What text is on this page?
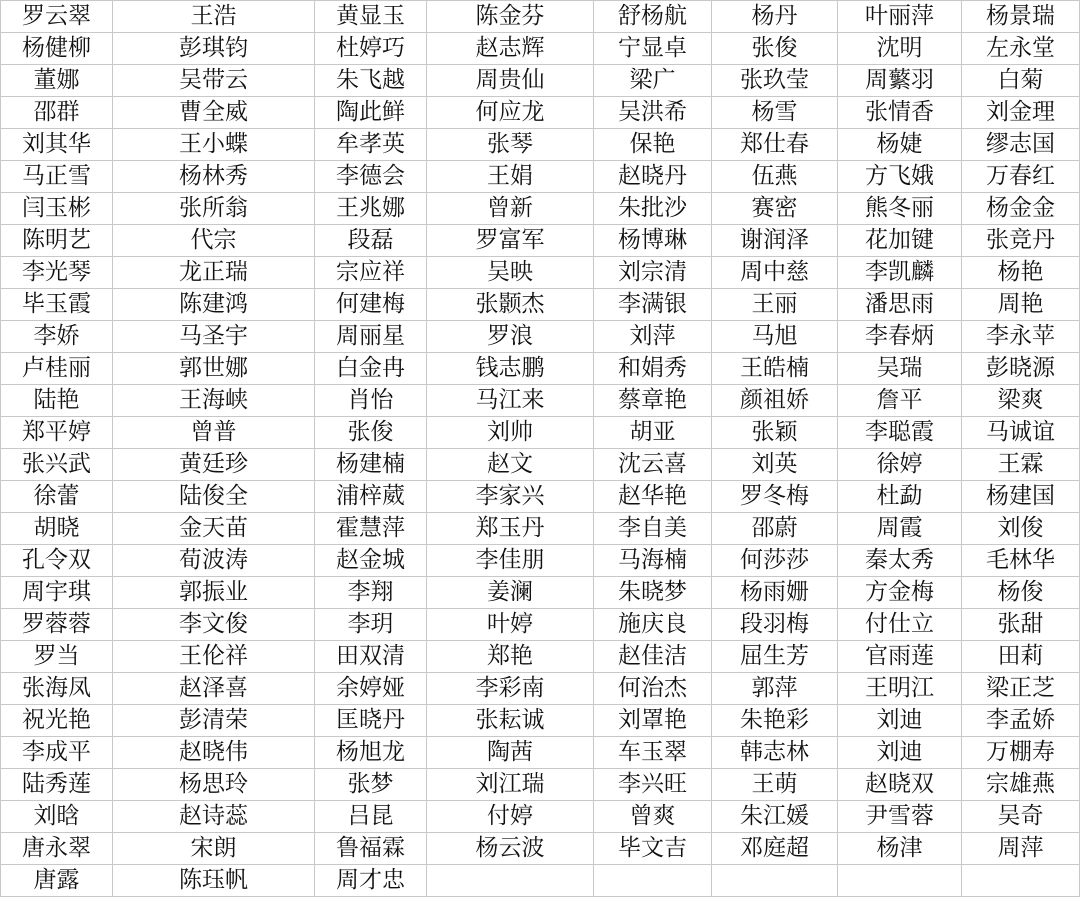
罗云翠	王浩	黄显玉	陈金芬	舒杨航	杨丹	叶丽萍	杨景瑞
杨健柳	彭琪钧	杜婷巧	赵志辉	宁显卓	张俊	沈明	左永堂
董娜	吴带云	朱飞越	周贵仙	梁广	张玖莹	周蘩羽	白菊
邵群	曹全威	陶此鲜	何应龙	吴洪希	杨雪	张情香	刘金理
刘其华	王小蝶	牟孝英	张琴	保艳	郑仕春	杨婕	缪志国
马正雪	杨林秀	李德会	王娟	赵晓丹	伍燕	方飞娥	万春红
闫玉彬	张所翁	王兆娜	曾新	朱批沙	赛密	熊冬丽	杨金金
陈明艺	代宗	段磊	罗富军	杨博琳	谢润泽	花加键	张竞丹
李光琴	龙正瑞	宗应祥	吴映	刘宗清	周中慈	李凯麟	杨艳
毕玉霞	陈建鸿	何建梅	张颢杰	李满银	王丽	潘思雨	周艳
李娇	马圣宇	周丽星	罗浪	刘萍	马旭	李春炳	李永苹
卢桂丽	郭世娜	白金冉	钱志鹏	和娟秀	王皓楠	吴瑞	彭晓源
陆艳	王海峡	肖怡	马江来	蔡章艳	颜祖娇	詹平	梁爽
郑平婷	曾普	张俊	刘帅	胡亚	张颖	李聪霞	马诚谊
张兴武	黄廷珍	杨建楠	赵文	沈云喜	刘英	徐婷	王霖
徐蕾	陆俊全	浦梓葳	李家兴	赵华艳	罗冬梅	杜勐	杨建国
胡晓	金天苗	霍慧萍	郑玉丹	李自美	邵蔚	周霞	刘俊
孔令双	荀波涛	赵金城	李佳朋	马海楠	何莎莎	秦太秀	毛林华
周宇琪	郭振业	李翔	姜澜	朱晓梦	杨雨姗	方金梅	杨俊
罗蓉蓉	李文俊	李玥	叶婷	施庆良	段羽梅	付仕立	张甜
罗当	王伦祥	田双清	郑艳	赵佳洁	屈生芳	官雨莲	田莉
张海凤	赵泽喜	余婷娅	李彩南	何治杰	郭萍	王明江	梁正芝
祝光艳	彭清荣	匡晓丹	张耘诚	刘罩艳	朱艳彩	刘迪	李孟娇
李成平	赵晓伟	杨旭龙	陶茜	车玉翠	韩志林	刘迪	万棚寿
陆秀莲	杨思玲	张梦	刘江瑞	李兴旺	王萌	赵晓双	宗雄燕
刘晗	赵诗蕊	吕昆	付婷	曾爽	朱江媛	尹雪蓉	吴奇
唐永翠	宋朗	鲁福霖	杨云波	毕文吉	邓庭超	杨津	周萍
唐露	陈珏帆	周才忠					
